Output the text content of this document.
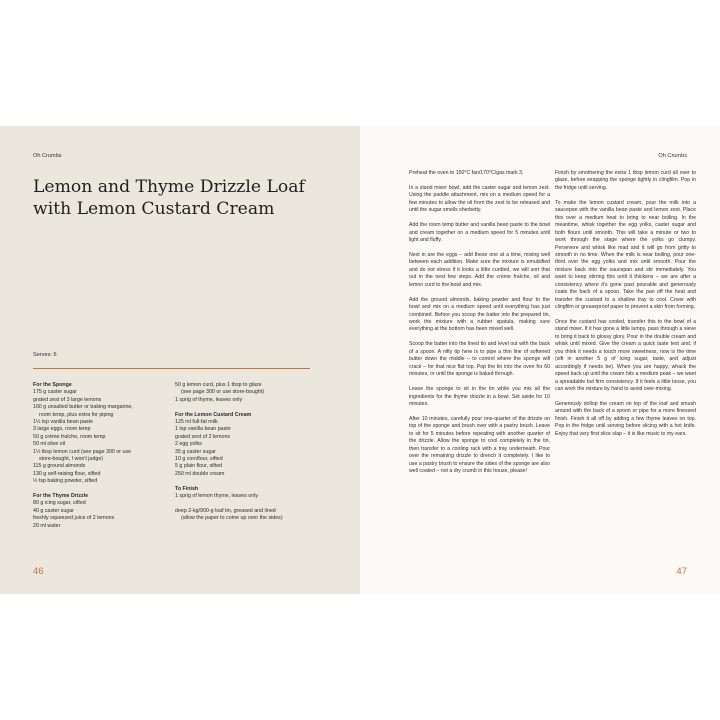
Oh Crumbs
Lemon and Thyme Drizzle Loaf
with Lemon Custard Cream
Serves: 6
For the Sponge
175 g caster sugar
grated zest of 3 large lemons
160 g unsalted butter or baking margarine,
room temp, plus extra for piping
1½ tsp vanilla bean paste
3 large eggs, room temp
50 g crème fraîche, room temp
50 ml olive oil
1½ tbsp lemon curd (see page 300 or use
store-bought, I won't judge)
115 g ground almonds
130 g self-raising flour, sifted
½ tsp baking powder, sifted
For the Thyme Drizzle
80 g icing sugar, sifted
40 g caster sugar
freshly squeezed juice of 2 lemons
20 ml water
50 g lemon curd, plus 1 tbsp to glaze
(see page 300 or use store-bought)
1 sprig of thyme, leaves only
For the Lemon Custard Cream
125 ml full-fat milk
1 tsp vanilla bean paste
grated zest of 2 lemons
2 egg yolks
35 g caster sugar
10 g cornflour, sifted
5 g plain flour, sifted
250 ml double cream
To Finish
1 sprig of lemon thyme, leaves only
deep 2-kg/900-g loaf tin, greased and lined
(allow the paper to come up over the sides)
46
Oh Crumbs

Preheat the oven to 150°C fan/170°C/gas mark 3.

In a stand mixer bowl, add the caster sugar and lemon zest. Using the paddle attachment, mix on a medium speed for a few minutes to allow the oil from the zest to be released and until the sugar smells sherbetty.

Add the room temp butter and vanilla bean paste to the bowl and cream together on a medium speed for 5 minutes until light and fluffy.

Next in are the eggs – add these one at a time, mixing well between each addition. Make sure the mixture is emulsified and do not stress if it looks a little curdled, we will sort that out in the next few steps. Add the crème fraîche, oil and lemon curd to the bowl and mix.

Add the ground almonds, baking powder and flour to the bowl and mix on a medium speed until everything has just combined. Before you scoop the batter into the prepared tin, work the mixture with a rubber spatula, making sure everything at the bottom has been mixed well.

Scoop the batter into the lined tin and level out with the back of a spoon. A nifty tip here is to pipe a thin line of softened butter down the middle – to control where the sponge will crack – for that nice flat top. Pop the tin into the oven for 60 minutes, or until the sponge is baked through.

Leave the sponge to sit in the tin while you mix all the ingredients for the thyme drizzle in a bowl. Set aside for 10 minutes.

After 10 minutes, carefully pour one-quarter of the drizzle on top of the sponge and brush over with a pastry brush. Leave to sit for 5 minutes before repeating with another quarter of the drizzle. Allow the sponge to cool completely in the tin, then transfer to a cooling rack with a tray underneath. Pour over the remaining drizzle to drench it completely. I like to use a pastry brush to ensure the sides of the sponge are also well coated – not a dry crumb in this house, please!

Finish by smothering the extra 1 tbsp lemon curd all over to glaze, before wrapping the sponge tightly in clingfilm. Pop in the fridge until serving.

To make the lemon custard cream, pour the milk into a saucepan with the vanilla bean paste and lemon zest. Place this over a medium heat to bring to near boiling. In the meantime, whisk together the egg yolks, caster sugar and both flours until smooth. This will take a minute or two to work through the stage where the yolks go clumpy. Persevere and whisk like mad and it will go from gritty to smooth in no time. When the milk is near boiling, pour one-third over the egg yolks and mix until smooth. Pour the mixture back into the saucepan and stir immediately. You want to keep stirring this until it thickens – we are after a consistency where it's gone past pourable and generously coats the back of a spoon. Take the pan off the heat and transfer the custard to a shallow tray to cool. Cover with clingfilm or greaseproof paper to prevent a skin from forming.

Once the custard has cooled, transfer this to the bowl of a stand mixer. If it has gone a little lumpy, pass through a sieve to bring it back to glossy glory. Pour in the double cream and whisk until mixed. Give the cream a quick taste test and, if you think it needs a touch more sweetness, now is the time (sift in another 5 g of icing sugar, taste, and adjust accordingly if needs be). When you are happy, whack the speed back up until the cream hits a medium peak – we want a spreadable but firm consistency. If it feels a little loose, you can work the mixture by hand to avoid over-mixing.

Generously dollop the cream on top of the loaf and smush around with the back of a spoon or pipe for a more finessed finish. Finish it all off by adding a few thyme leaves on top. Pop in the fridge until serving before slicing with a hot knife. Enjoy that very first slice slap – it is like music to my ears.

47
